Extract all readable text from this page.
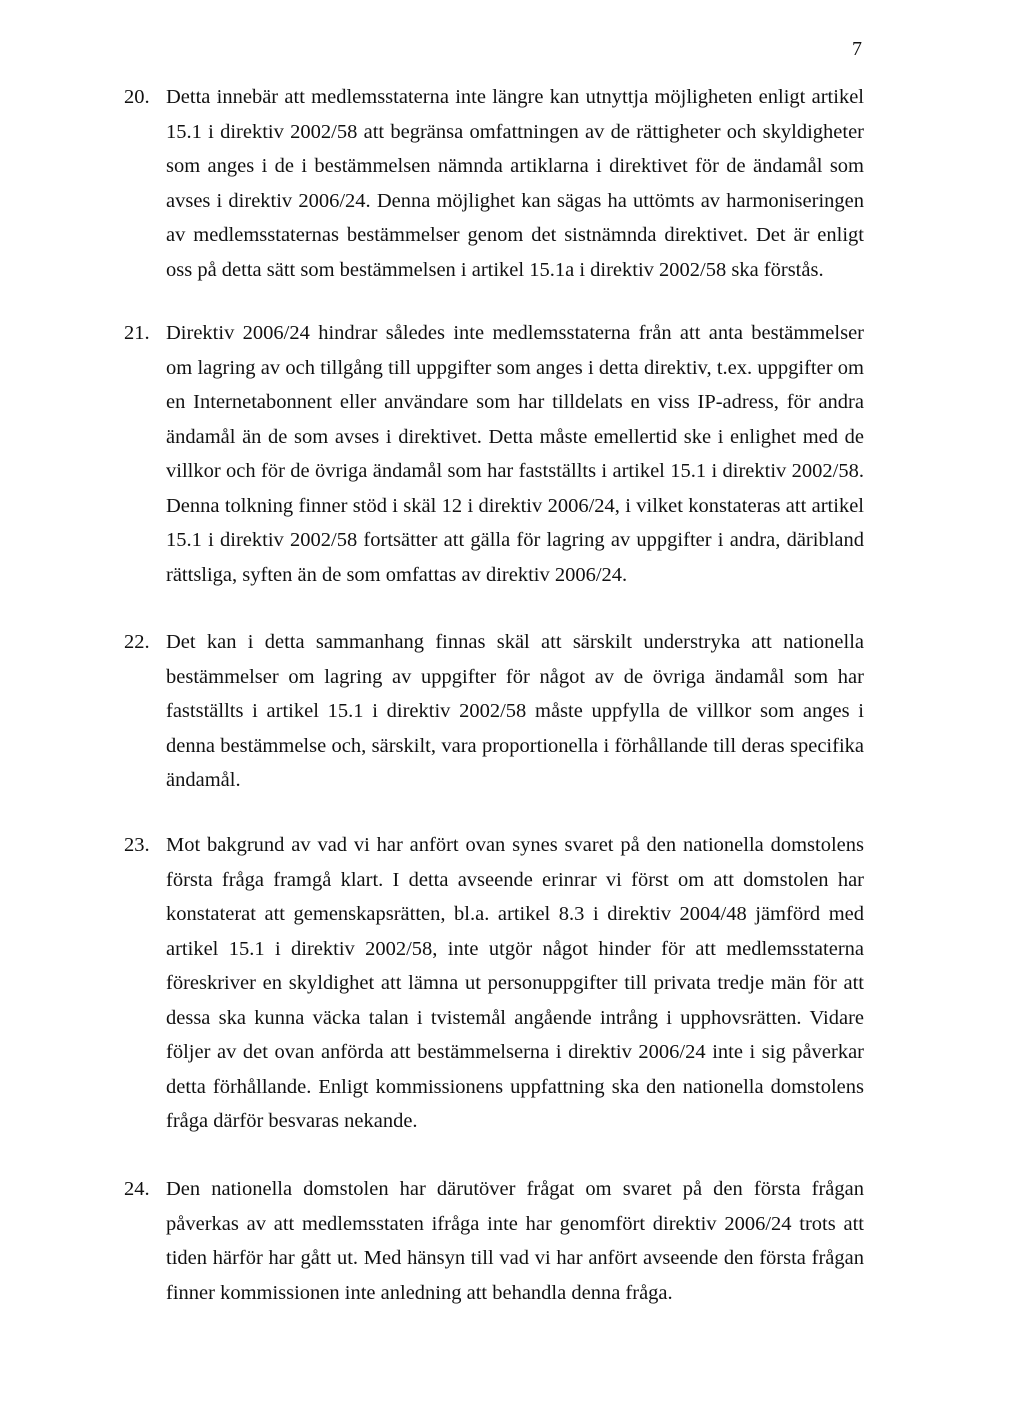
7
20. Detta innebär att medlemsstaterna inte längre kan utnyttja möjligheten enligt artikel 15.1 i direktiv 2002/58 att begränsa omfattningen av de rättigheter och skyldigheter som anges i de i bestämmelsen nämnda artiklarna i direktivet för de ändamål som avses i direktiv 2006/24. Denna möjlighet kan sägas ha uttömts av harmoniseringen av medlemsstaternas bestämmelser genom det sistnämnda direktivet. Det är enligt oss på detta sätt som bestämmelsen i artikel 15.1a i direktiv 2002/58 ska förstås.
21. Direktiv 2006/24 hindrar således inte medlemsstaterna från att anta bestämmelser om lagring av och tillgång till uppgifter som anges i detta direktiv, t.ex. uppgifter om en Internetabonnent eller användare som har tilldelats en viss IP-adress, för andra ändamål än de som avses i direktivet. Detta måste emellertid ske i enlighet med de villkor och för de övriga ändamål som har fastställts i artikel 15.1 i direktiv 2002/58. Denna tolkning finner stöd i skäl 12 i direktiv 2006/24, i vilket konstateras att artikel 15.1 i direktiv 2002/58 fortsätter att gälla för lagring av uppgifter i andra, däribland rättsliga, syften än de som omfattas av direktiv 2006/24.
22. Det kan i detta sammanhang finnas skäl att särskilt understryka att nationella bestämmelser om lagring av uppgifter för något av de övriga ändamål som har fastställts i artikel 15.1 i direktiv 2002/58 måste uppfylla de villkor som anges i denna bestämmelse och, särskilt, vara proportionella i förhållande till deras specifika ändamål.
23. Mot bakgrund av vad vi har anfört ovan synes svaret på den nationella domstolens första fråga framgå klart. I detta avseende erinrar vi först om att domstolen har konstaterat att gemenskapsrätten, bl.a. artikel 8.3 i direktiv 2004/48 jämförd med artikel 15.1 i direktiv 2002/58, inte utgör något hinder för att medlemsstaterna föreskriver en skyldighet att lämna ut personuppgifter till privata tredje män för att dessa ska kunna väcka talan i tvistemål angående intrång i upphovsrätten. Vidare följer av det ovan anförda att bestämmelserna i direktiv 2006/24 inte i sig påverkar detta förhållande. Enligt kommissionens uppfattning ska den nationella domstolens fråga därför besvaras nekande.
24. Den nationella domstolen har därutöver frågat om svaret på den första frågan påverkas av att medlemsstaten ifråga inte har genomfört direktiv 2006/24 trots att tiden härför har gått ut. Med hänsyn till vad vi har anfört avseende den första frågan finner kommissionen inte anledning att behandla denna fråga.
